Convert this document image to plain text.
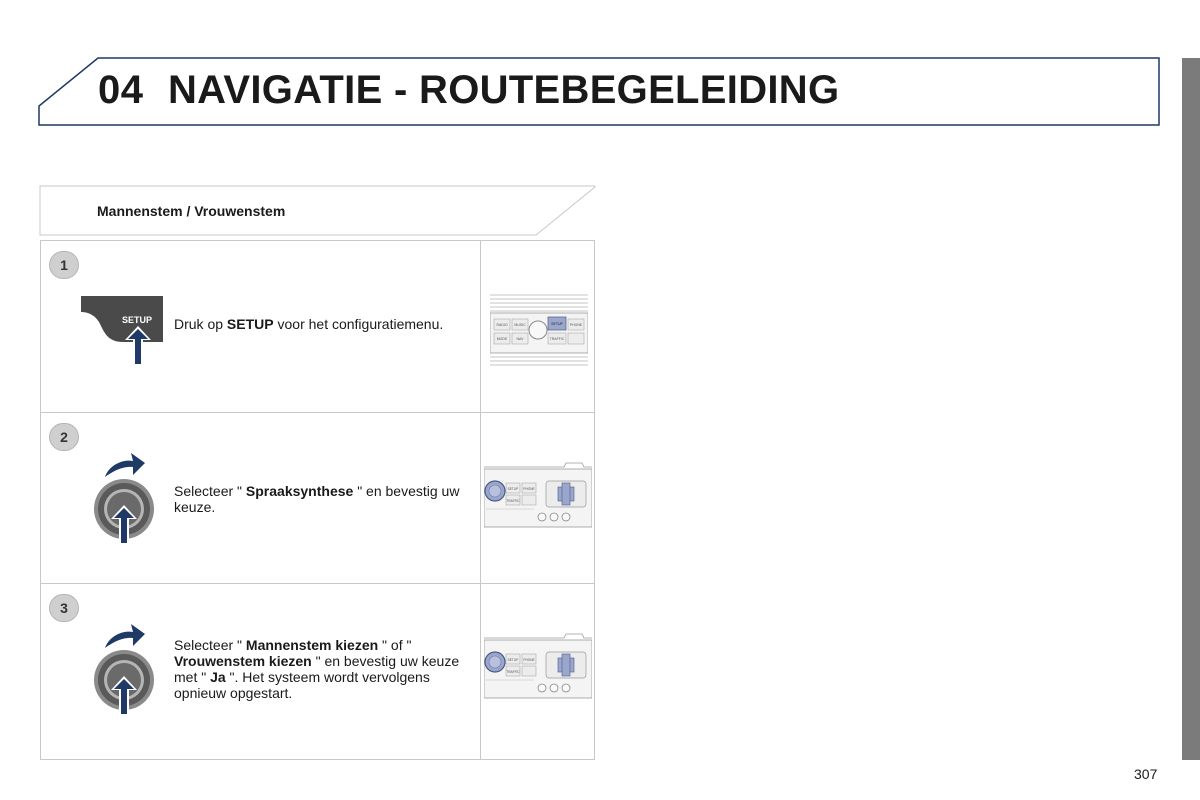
04 NAVIGATIE - ROUTEBEGELEIDING
Mannenstem / Vrouwenstem
1
SETUP Druk op SETUP voor het configuratiemenu.	RADIO MUSIC	SETUP PHONE
MODE	NAV	TRAFFIC
2
Selecteer " Spraaksynthese " en bevestig uw keuze.
SETUP PHONE
TRAFFIC
3
Selecteer " Mannenstem kiezen " of " Vrouwenstem kiezen " en bevestig uw keuze met " Ja ". Het systeem wordt vervolgens opnieuw opgestart.
SETUP PHONE
TRAFFIC
307
